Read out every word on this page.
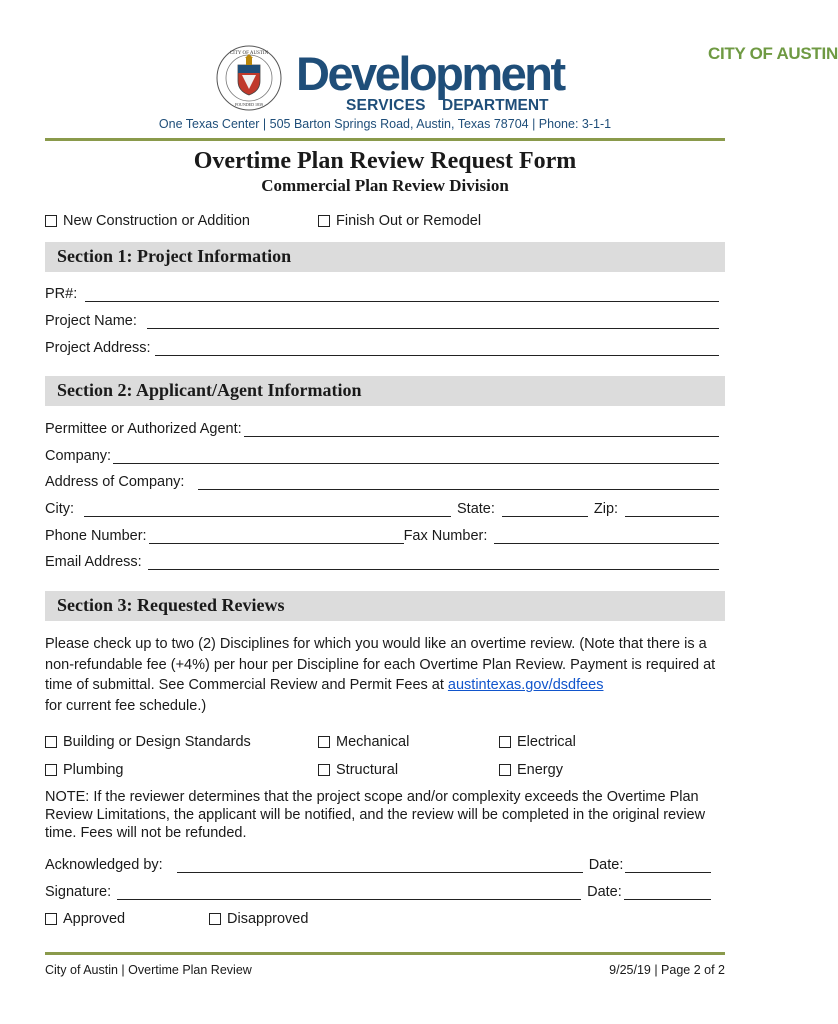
CITY OF AUSTIN
FOUNDED 1839
CITY OF AUSTIN
Development
SERVICES DEPARTMENT
One Texas Center | 505 Barton Springs Road, Austin, Texas 78704 | Phone: 3-1-1
Overtime Plan Review Request Form
Commercial Plan Review Division
New Construction or Addition	Finish Out or Remodel
Section 1: Project Information
PR#:
Project Name:
Project Address:
Section 2: Applicant/Agent Information
Permittee or Authorized Agent:
Company:
Address of Company:
City:	State:	Zip:
Phone Number:	Fax Number:
Email Address:
Section 3: Requested Reviews
Please check up to two (2) Disciplines for which you would like an overtime review. (Note that there is a non-refundable fee (+4%) per hour per Discipline for each Overtime Plan Review. Payment is required at time of submittal. See Commercial Review and Permit Fees at austintexas.gov/dsdfees
for current fee schedule.)
Building or Design Standards	Mechanical	Electrical
Plumbing	Structural	Energy
NOTE: If the reviewer determines that the project scope and/or complexity exceeds the Overtime Plan Review Limitations, the applicant will be notified, and the review will be completed in the original review time. Fees will not be refunded.
Acknowledged by:	Date:
Signature:	Date:
Approved	Disapproved
City of Austin | Overtime Plan Review	9/25/19 | Page 2 of 2
